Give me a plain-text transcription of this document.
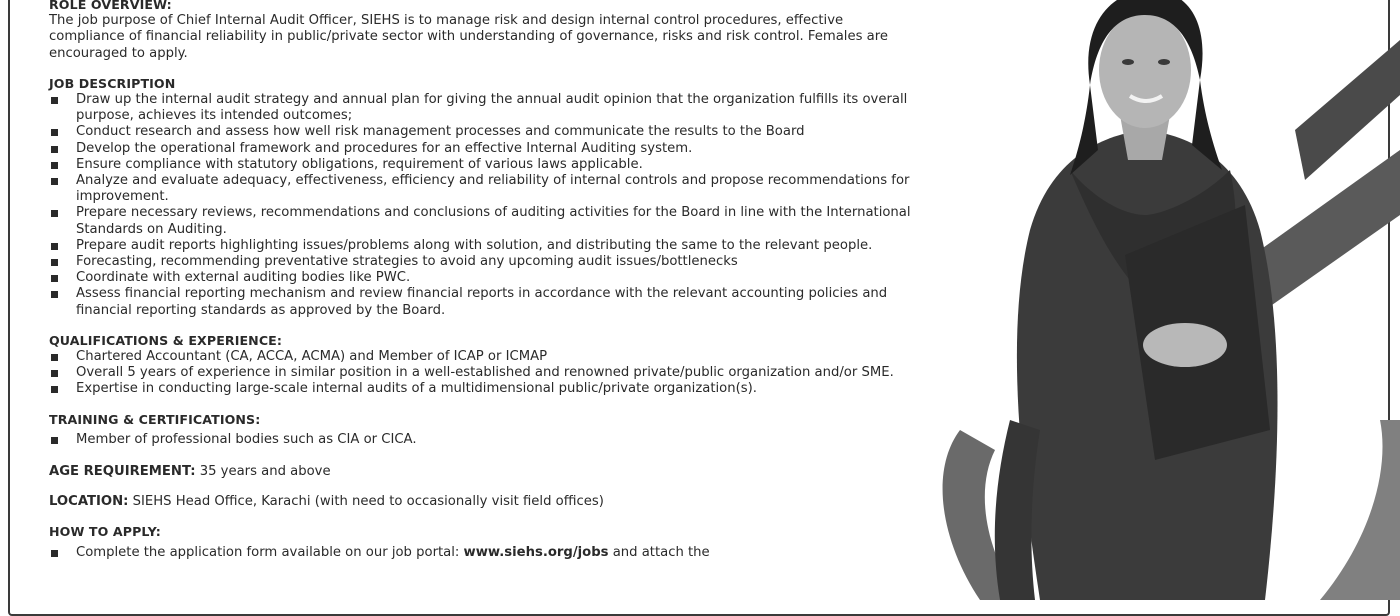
ROLE OVERVIEW:

The job purpose of Chief Internal Audit Officer, SIEHS is to manage risk and design internal control procedures, effective compliance of financial reliability in public/private sector with understanding of governance, risks and risk control. Females are encouraged to apply.

JOB DESCRIPTION

Draw up the internal audit strategy and annual plan for giving the annual audit opinion that the organization fulfills its overall purpose, achieves its intended outcomes;
Conduct research and assess how well risk management processes and communicate the results to the Board
Develop the operational framework and procedures for an effective Internal Auditing system.
Ensure compliance with statutory obligations, requirement of various laws applicable.
Analyze and evaluate adequacy, effectiveness, efficiency and reliability of internal controls and propose recommendations for improvement.
Prepare necessary reviews, recommendations and conclusions of auditing activities for the Board in line with the International Standards on Auditing.
Prepare audit reports highlighting issues/problems along with solution, and distributing the same to the relevant people.
Forecasting, recommending preventative strategies to avoid any upcoming audit issues/bottlenecks
Coordinate with external auditing bodies like PWC.
Assess financial reporting mechanism and review financial reports in accordance with the relevant accounting policies and financial reporting standards as approved by the Board.

QUALIFICATIONS & EXPERIENCE:

Chartered Accountant (CA, ACCA, ACMA) and Member of ICAP or ICMAP
Overall 5 years of experience in similar position in a well-established and renowned private/public organization and/or SME.
Expertise in conducting large-scale internal audits of a multidimensional public/private organization(s).

TRAINING & CERTIFICATIONS:

Member of professional bodies such as CIA or CICA.

AGE REQUIREMENT: 35 years and above

LOCATION: SIEHS Head Office, Karachi (with need to occasionally visit field offices)

HOW TO APPLY:

Complete the application form available on our job portal: www.siehs.org/jobs and attach the
